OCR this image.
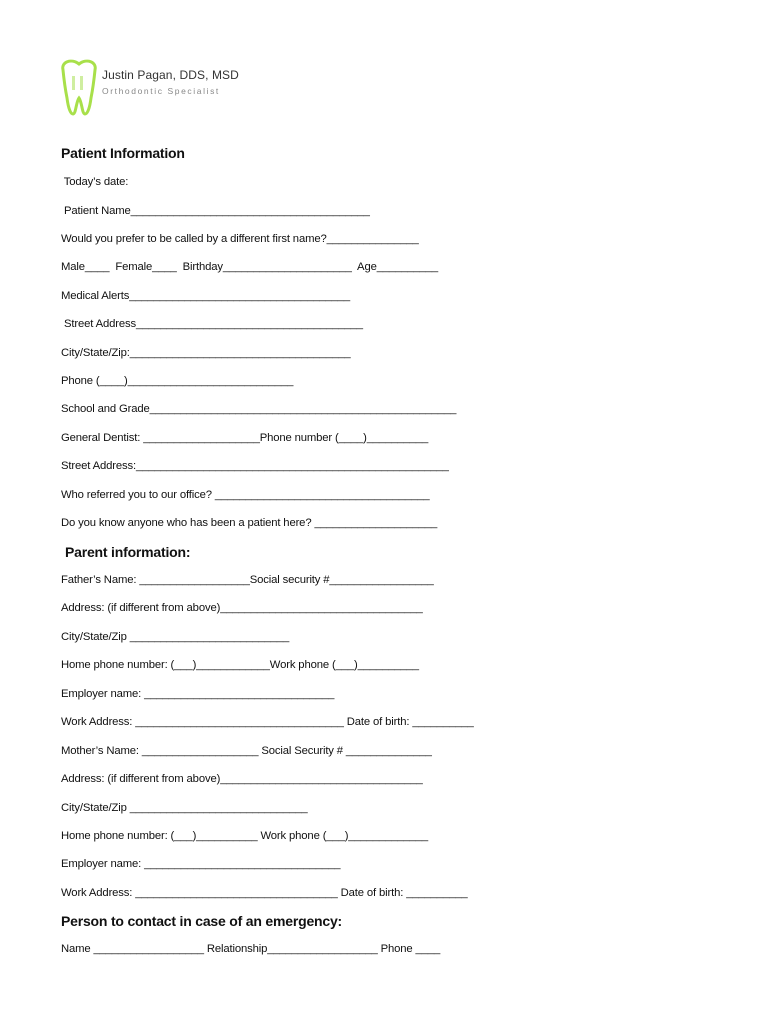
Justin Pagan, DDS, MSD
Orthodontic Specialist
Patient Information
Today’s date:
Patient Name_______________________________________
Would you prefer to be called by a different first name?_______________
Male____  Female____  Birthday_____________________  Age__________
Medical Alerts____________________________________
Street Address_____________________________________
City/State/Zip:____________________________________
Phone (____)___________________________
School and Grade__________________________________________________
General Dentist: ___________________Phone number (____)__________
Street Address:___________________________________________________
Who referred you to our office? ___________________________________
Do you know anyone who has been a patient here? ____________________
Parent information:
Father’s Name: __________________Social security #_________________
Address: (if different from above)_________________________________
City/State/Zip __________________________
Home phone number: (___)____________Work phone (___)__________
Employer name: _______________________________
Work Address: __________________________________ Date of birth: __________
Mother’s Name: ___________________ Social Security # ______________
Address: (if different from above)_________________________________
City/State/Zip _____________________________
Home phone number: (___)__________ Work phone (___)_____________
Employer name: ________________________________
Work Address: _________________________________ Date of birth: __________
Person to contact in case of an emergency:
Name __________________ Relationship__________________ Phone ____
